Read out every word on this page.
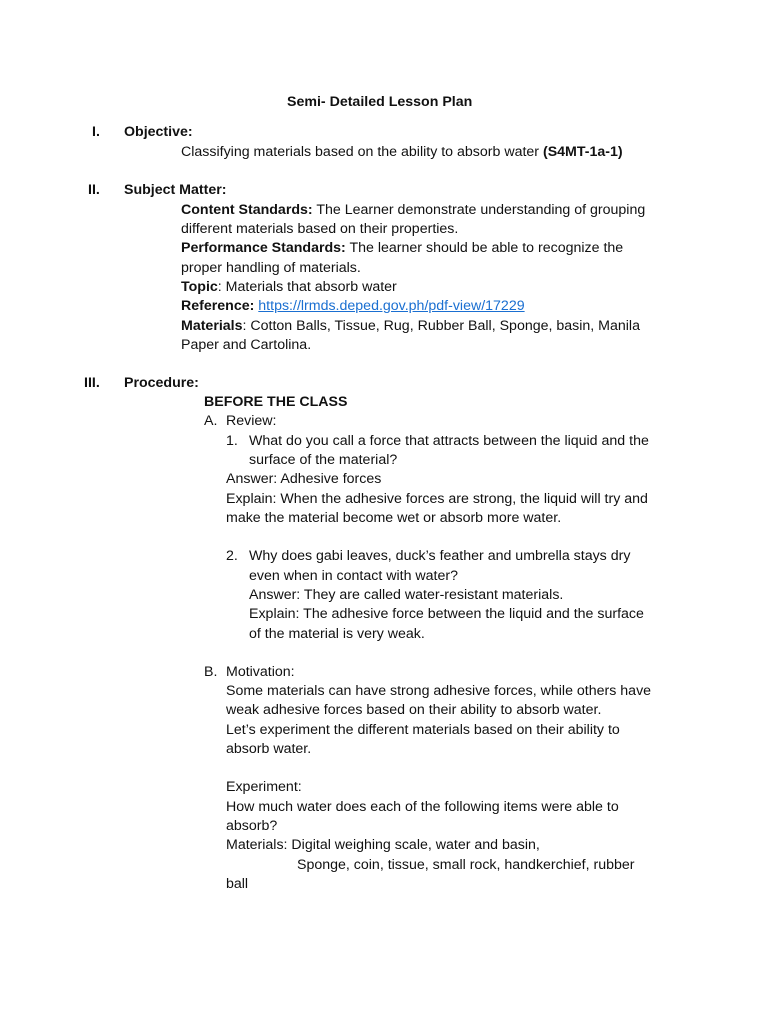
Semi- Detailed Lesson Plan
I. Objective:
Classifying materials based on the ability to absorb water (S4MT-1a-1)
II. Subject Matter:
Content Standards: The Learner demonstrate understanding of grouping
different materials based on their properties.
Performance Standards: The learner should be able to recognize the
proper handling of materials.
Topic: Materials that absorb water
Reference: https://lrmds.deped.gov.ph/pdf-view/17229
Materials: Cotton Balls, Tissue, Rug, Rubber Ball, Sponge, basin, Manila
Paper and Cartolina.
III. Procedure:
BEFORE THE CLASS
A. Review:
1. What do you call a force that attracts between the liquid and the
surface of the material?
Answer: Adhesive forces
Explain: When the adhesive forces are strong, the liquid will try and
make the material become wet or absorb more water.
2. Why does gabi leaves, duck’s feather and umbrella stays dry
even when in contact with water?
Answer: They are called water-resistant materials.
Explain: The adhesive force between the liquid and the surface
of the material is very weak.
B. Motivation:
Some materials can have strong adhesive forces, while others have
weak adhesive forces based on their ability to absorb water.
Let’s experiment the different materials based on their ability to
absorb water.
Experiment:
How much water does each of the following items were able to
absorb?
Materials: Digital weighing scale, water and basin,
Sponge, coin, tissue, small rock, handkerchief, rubber
ball
